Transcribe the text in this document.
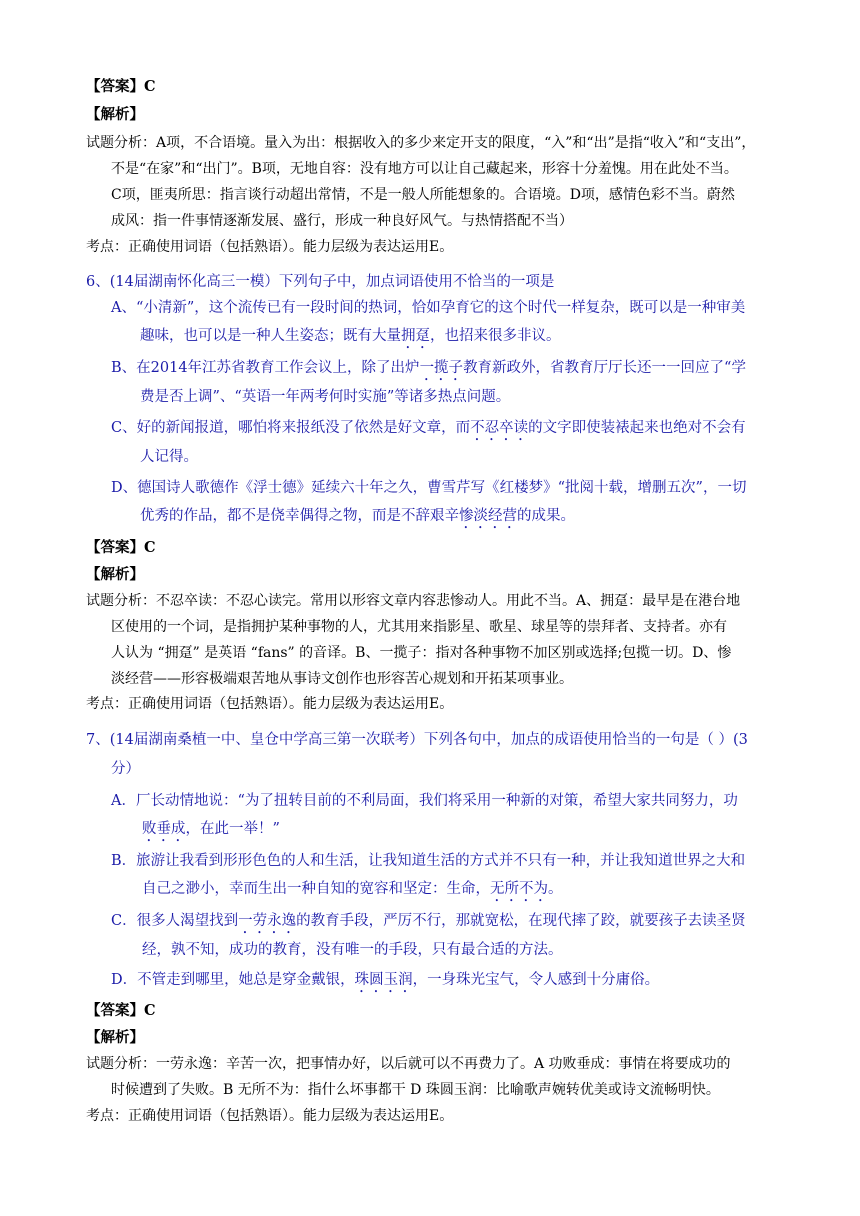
【答案】C
【解析】
试题分析：A项，不合语境。量入为出：根据收入的多少来定开支的限度，“入”和“出”是指“收入”和“支出”，
不是“在家”和“出门”。B项，无地自容：没有地方可以让自己藏起来，形容十分羞愧。用在此处不当。
C项，匪夷所思：指言谈行动超出常情，不是一般人所能想象的。合语境。D项，感情色彩不当。蔚然
成风：指一件事情逐渐发展、盛行，形成一种良好风气。与热情搭配不当）
考点：正确使用词语（包括熟语）。能力层级为表达运用E。
6、(14届湖南怀化高三一模）下列句子中，加点词语使用不恰当的一项是
A、“小清新”，这个流传已有一段时间的热词，恰如孕育它的这个时代一样复杂，既可以是一种审美
趣味，也可以是一种人生姿态；既有大量拥趸，也招来很多非议。
B、在2014年江苏省教育工作会议上，除了出炉一揽子教育新政外，省教育厅厅长还一一回应了“学
费是否上调”、“英语一年两考何时实施”等诸多热点问题。
C、好的新闻报道，哪怕将来报纸没了依然是好文章，而不忍卒读的文字即使装裱起来也绝对不会有
人记得。
D、德国诗人歌德作《浮士德》延续六十年之久，曹雪芹写《红楼梦》“批阅十载，增删五次”，一切
优秀的作品，都不是侥幸偶得之物，而是不辞艰辛惨淡经营的成果。
【答案】C
【解析】
试题分析：不忍卒读：不忍心读完。常用以形容文章内容悲惨动人。用此不当。A、拥趸：最早是在港台地
区使用的一个词，是指拥护某种事物的人，尤其用来指影星、歌星、球星等的崇拜者、支持者。亦有
人认为 “拥趸” 是英语 “fans” 的音译。B、一揽子：指对各种事物不加区别或选择;包揽一切。D、惨
淡经营——形容极端艰苦地从事诗文创作也形容苦心规划和开拓某项事业。
考点：正确使用词语（包括熟语）。能力层级为表达运用E。
7、(14届湖南桑植一中、皇仓中学高三第一次联考）下列各句中，加点的成语使用恰当的一句是（ ）(3
分）
A．厂长动情地说：“为了扭转目前的不利局面，我们将采用一种新的对策，希望大家共同努力，功
败垂成，在此一举！”
B．旅游让我看到形形色色的人和生活，让我知道生活的方式并不只有一种，并让我知道世界之大和
自己之渺小，幸而生出一种自知的宽容和坚定：生命，无所不为。
C．很多人渴望找到一劳永逸的教育手段，严厉不行，那就宽松，在现代摔了跤，就要孩子去读圣贤
经，孰不知，成功的教育，没有唯一的手段，只有最合适的方法。
D．不管走到哪里，她总是穿金戴银，珠圆玉润，一身珠光宝气，令人感到十分庸俗。
【答案】C
【解析】
试题分析：一劳永逸：辛苦一次，把事情办好，以后就可以不再费力了。A 功败垂成：事情在将要成功的
时候遭到了失败。B 无所不为：指什么坏事都干 D 珠圆玉润：比喻歌声婉转优美或诗文流畅明快。
考点：正确使用词语（包括熟语）。能力层级为表达运用E。
